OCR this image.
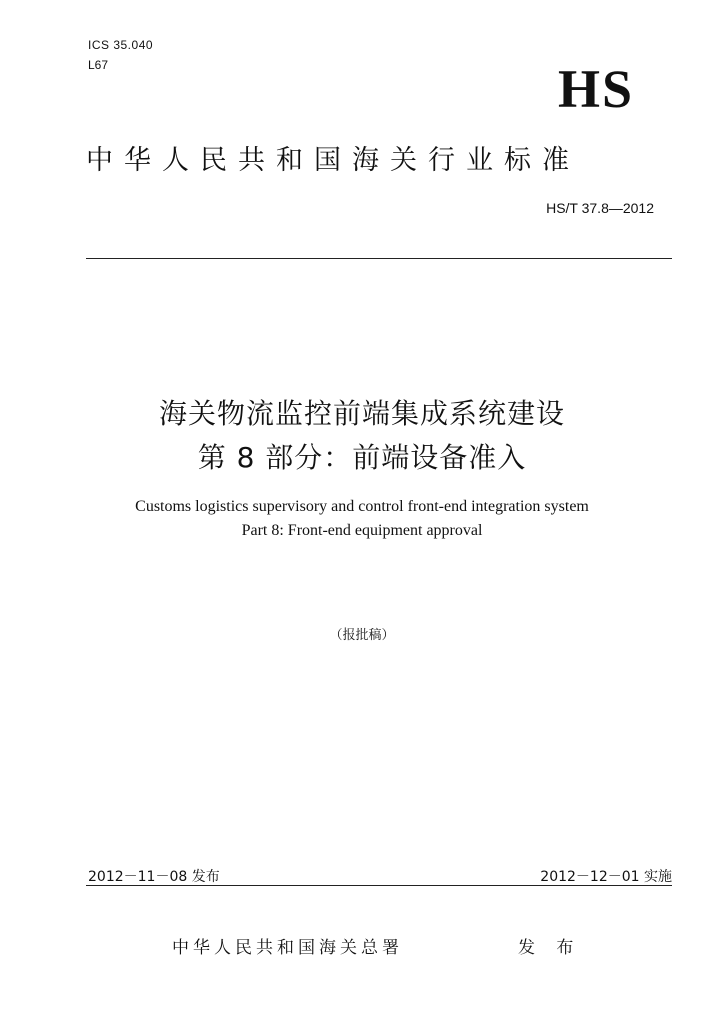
ICS 35.040
L67	HS
中华人民共和国海关行业标准
HS/T 37.8—2012
海关物流监控前端集成系统建设
第 8 部分：前端设备准入
Customs logistics supervisory and control front-end integration system
Part 8: Front-end equipment approval
（报批稿）
2012－11－08 发布	2012－12－01 实施
中华人民共和国海关总署	发 布
